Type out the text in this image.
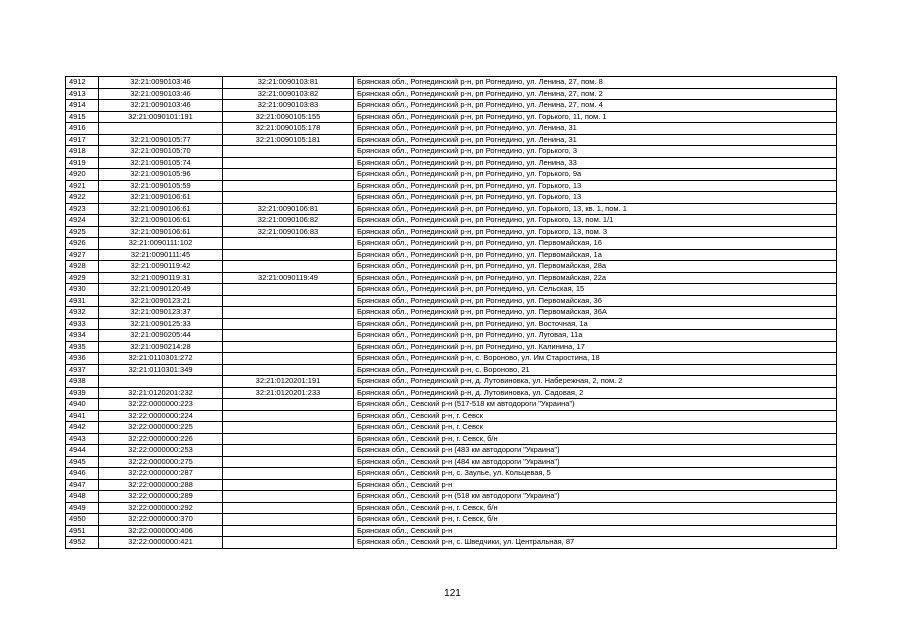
4912	32:21:0090103:46	32:21:0090103:81	Брянская обл., Рогнединский р-н, рп Рогнедино, ул. Ленина, 27, пом. 8
4913	32:21:0090103:46	32:21:0090103:82	Брянская обл., Рогнединский р-н, рп Рогнедино, ул. Ленина, 27, пом. 2
4914	32:21:0090103:46	32:21:0090103:83	Брянская обл., Рогнединский р-н, рп Рогнедино, ул. Ленина, 27, пом. 4
4915	32:21:0090101:191	32:21:0090105:155	Брянская обл., Рогнединский р-н, рп Рогнедино, ул. Горького, 11, пом. 1
4916		32:21:0090105:178	Брянская обл., Рогнединский р-н, рп Рогнедино, ул. Ленина, 31
4917	32:21:0090105:77	32:21:0090105:181	Брянская обл., Рогнединский р-н, рп Рогнедино, ул. Ленина, 31
4918	32:21:0090105:70		Брянская обл., Рогнединский р-н, рп Рогнедино, ул. Горького, 3
4919	32:21:0090105:74		Брянская обл., Рогнединский р-н, рп Рогнедино, ул. Ленина, 33
4920	32:21:0090105:96		Брянская обл., Рогнединский р-н, рп Рогнедино, ул. Горького, 9а
4921	32:21:0090105:59		Брянская обл., Рогнединский р-н, рп Рогнедино, ул. Горького, 13
4922	32:21:0090106:61		Брянская обл., Рогнединский р-н, рп Рогнедино, ул. Горького, 13
4923	32:21:0090106:61	32:21:0090106:81	Брянская обл., Рогнединский р-н, рп Рогнедино, ул. Горького, 13, кв. 1, пом. 1
4924	32:21:0090106:61	32:21:0090106:82	Брянская обл., Рогнединский р-н, рп Рогнедино, ул. Горького, 13, пом. 1/1
4925	32:21:0090106:61	32:21:0090106:83	Брянская обл., Рогнединский р-н, рп Рогнедино, ул. Горького, 13, пом. 3
4926	32:21:0090111:102		Брянская обл., Рогнединский р-н, рп Рогнедино, ул. Первомайская, 16
4927	32:21:0090111:45		Брянская обл., Рогнединский р-н, рп Рогнедино, ул. Первомайская, 1а
4928	32:21:0090119:42		Брянская обл., Рогнединский р-н, рп Рогнедино, ул. Первомайская, 28а
4929	32:21:0090119:31	32:21:0090119:49	Брянская обл., Рогнединский р-н, рп Рогнедино, ул. Первомайская, 22а
4930	32:21:0090120:49		Брянская обл., Рогнединский р-н, рп Рогнедино, ул. Сельская, 15
4931	32:21:0090123:21		Брянская обл., Рогнединский р-н, рп Рогнедино, ул. Первомайская, 36
4932	32:21:0090123:37		Брянская обл., Рогнединский р-н, рп Рогнедино, ул. Первомайская, 36А
4933	32:21:0090125:33		Брянская обл., Рогнединский р-н, рп Рогнедино, ул. Восточная, 1а
4934	32:21:0090205:44		Брянская обл., Рогнединский р-н, рп Рогнедино, ул. Луговая, 11а
4935	32:21:0090214:28		Брянская обл., Рогнединский р-н, рп Рогнедино, ул. Калинина, 17
4936	32:21:0110301:272		Брянская обл., Рогнединский р-н, с. Вороново, ул. Им Старостина, 18
4937	32:21:0110301:349		Брянская обл., Рогнединский р-н, с. Вороново, 21
4938		32:21:0120201:191	Брянская обл., Рогнединский р-н, д. Лутовиновка, ул. Набережная, 2, пом. 2
4939	32:21:0120201:232	32:21:0120201:233	Брянская обл., Рогнединский р-н, д. Лутовиновка, ул. Садовая, 2
4940	32:22:0000000:223		Брянская обл., Севский р-н (517-518 км автодороги "Украина")
4941	32:22:0000000:224		Брянская обл., Севский р-н, г. Севск
4942	32:22:0000000:225		Брянская обл., Севский р-н, г. Севск
4943	32:22:0000000:226		Брянская обл., Севский р-н, г. Севск, б/н
4944	32:22:0000000:253		Брянская обл., Севский р-н (483 км автодороги "Украина")
4945	32:22:0000000:275		Брянская обл., Севский р-н (484 км автодороги "Украина")
4946	32:22:0000000:287		Брянская обл., Севский р-н, с. Заулье, ул. Кольцевая, 5
4947	32:22:0000000:288		Брянская обл., Севский р-н
4948	32:22:0000000:289		Брянская обл., Севский р-н (518 км автодороги "Украина")
4949	32:22:0000000:292		Брянская обл., Севский р-н, г. Севск, б/н
4950	32:22:0000000:370		Брянская обл., Севский р-н, г. Севск, б/н
4951	32:22:0000000:406		Брянская обл., Севский р-н
4952	32:22:0000000:421		Брянская обл., Севский р-н, с. Шведчики, ул. Центральная, 87
121
